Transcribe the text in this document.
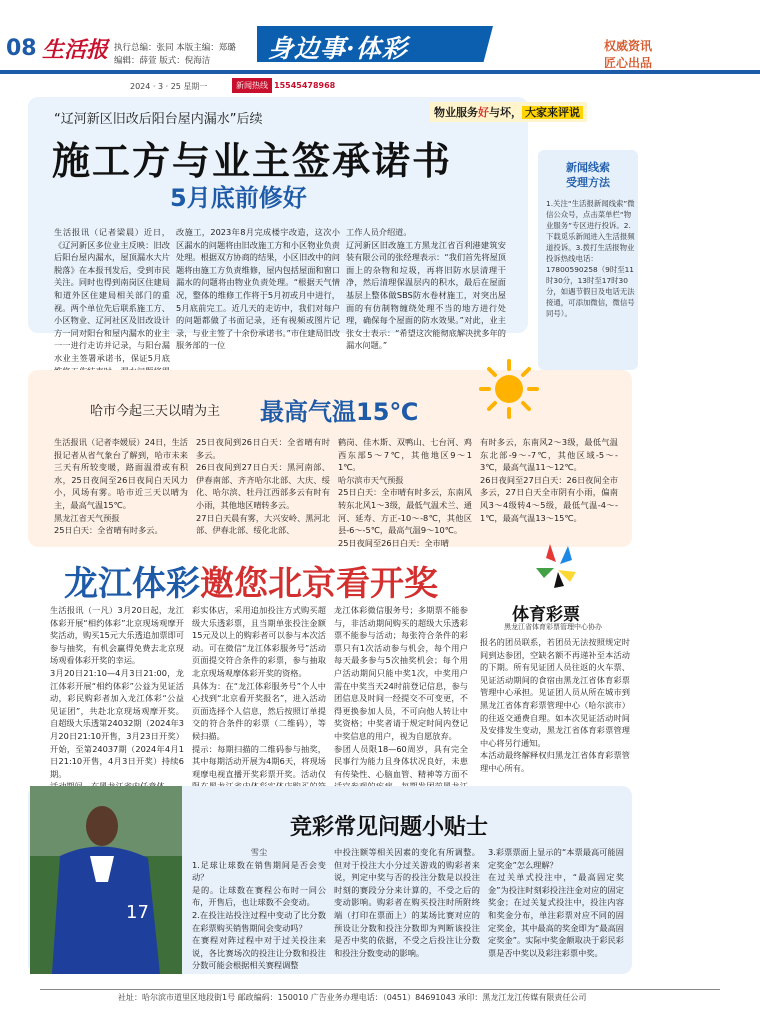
08 生活报 执行总编：张同 本版主编：郑璐
编辑：薛萱 版式：倪海洁	身边事·体彩	权威资讯
匠心出品
2024 · 3 · 25 星期一	新闻热线 15545478968
“辽河新区旧改后阳台屋内漏水”后续	物业服务好与坏， 大家来评说
施工方与业主签承诺书
5月底前修好
生活报讯（记者梁晨）近日，《辽河新区多位业主反映：旧改后阳台屋内漏水，屋顶漏水大片脱落》在本报刊发后，受到市民关注。同时也得到南岗区住建局和道外区住建局相关部门的重视。两个单位先后联系施工方、小区物业、辽河社区及旧改设计方一同对阳台和屋内漏水的业主一一进行走访并记录，与阳台漏水业主签署承诺书，保证5月底
改施工，2023年8月完成楼宇改造，这次小区漏水的问题将由旧改施工方和小区物业负责处理。根据双方协商的结果，小区旧改中的问题将由施工方负责维修，屋内包括屋面和窗口漏水的问题将由物业负责处理。“根据天气情况，整体的维修工作将于5月初或月中进行，5月底前完工。近几天的走访中，我们对每户的问题都做了书面记录，还有视频或图片记录，与业主签了十余份承诺书。”市住建局旧改服务部的一位
工作人员介绍道。
辽河新区旧改施工方黑龙江省百利港建筑安装有限公司的张经理表示：“我们首先将屋顶面上的杂物和垃圾，再将旧防水层清理干净，然后清理保温层内的积水，最后在屋面基层上整体做SBS防水卷材施工，对突出屋面的有仿制物缠绕处理不当的地方进行处理，确保每个屋面的防水效果。”对此，业主张女士表示：“希望这次能彻底解决扰多年的漏水问题。”
新闻线索
受理方法
1.关注“生活报新闻线索”微信公众号，点击菜单栏“物业服务”专区进行投诉。2.下载觅乐新闻进入生活报频道投诉。3.拨打生活报物业投诉热线电话：17800590258（9时至11时30分，13时至17时30分，如遇节假日及电话无法接通，可添加微信，微信号同号）。
哈市今起三天以晴为主 最高气温15℃
生活报讯（记者李媛辰）24日，生活报记者从省气象台了解到，哈市未来三天有所较变暖，路面温滑或有积水，25日夜间至26日夜间白天风力小，风场有雾。哈市近三天以晴为主，最高气温15℃。
黑龙江省天气预报
25日白天：全省晴有时多云。
25日夜间到26日白天：全省晴有时多云。
26日夜间到27日白天：黑河南部、伊春南部、齐齐哈尔北部、大庆、绥化、哈尔滨、牡丹江西部多云有时有小雨，其他地区晴转多云。
27日白天晨有雾，大兴安岭、黑河北部、伊春北部、绥化北部、
鹤岗、佳木斯、双鸭山、七台河、鸡西东部5～7℃，其他地区9～11℃。
哈尔滨市天气预报
25日白天：全市晴有时多云，东南风转东北风1～3级，最低气温术兰、通河、延寿、方正-10～-8℃，其他区县-6～-5℃，最高气温9～10℃。
25日夜间至26日白天：全市晴
有时多云，东南风2～3级，最低气温东北部-9～-7℃，其他区域-5～-3℃，最高气温11～12℃。
26日夜间至27日白天：26日夜间全市多云，27日白天全市阴有小雨，偏南风3～4级转4～5级，最低气温-4～-1℃，最高气温13～15℃。
龙江体彩邀您北京看开奖
体育彩票
黑龙江省体育彩票管理中心协办
生活报讯（一凡）3月20日起，龙江体彩开展“相约体彩”北京现场观摩开奖活动，购买15元大乐透追加票即可参与抽奖，有机会赢得免费去北京现场观看体彩开奖的幸运。
3月20日21:10—4月3日21:00，龙江体彩开展“相约体彩”公益为见证活动，彩民购彩者加入龙江体彩“公益见证团”，共赴北京现场观摩开奖。自超级大乐透第24032期（2024年3月20日21:10开售，3月23日开奖）开始，至第24037期（2024年4月1日21:10开售，4月3日开奖）持续6期。
彩实体店，采用追加投注方式购买超级大乐透彩票，且当期单张投注金额15元及以上的购彩者可以参与本次活动。可在微信“龙江体彩服务号”活动页面提交符合条件的彩票，参与抽取北京现场观摩体彩开奖的资格。
具体为：在“龙江体彩服务号”个人中心找到“北京看开奖报名”，进入活动页面选择个人信息，然后按照订单提交的符合条件的彩票（二维码），等候扫描。
提示：每期扫描的二维码参与抽奖，其中每期活动开展为4期6天，将现场观摩电视直播开奖彩票开奖。活动仅
龙江体彩微信服务号；多期票不能参与，非活动期间购买的超级大乐透彩票不能参与活动；每张符合条件的彩票只有1次活动参与机会，每个用户每天最多参与5次抽奖机会；每个用户活动期间只能中奖1次，中奖用户需在中奖当天24时前登记信息，参与团信息及时间一经提交不可变更，不得更换参加人员，不可向他人转让中奖资格；中奖者请于规定时间内登记中奖信息的用户，视为自愿放弃。
参团人员限18—60周岁，具有完全民事行为能力且身体状况良好，未患有传染性、心脑血管、精神等方面不
报名的团员联系，若团员无法按照规定时间到达参团，空缺名额不再递补至本活动的下期。所有见证团人员往返的火车票、见证活动期间的食宿由黑龙江省体育彩票管理中心承担。见证团人员从所在城市到黑龙江省体育彩票管理中心（哈尔滨市）的往返交通费自理。如本次见证活动时间及安排发生变动，黑龙江省体育彩票管理中心将另行通知。
本活动最终解释权归黑龙江省体育彩票管理中心所有。
17
竞彩常见问题小贴士
雪尘
1.足球让球数在销售期间是否会变动？
是的。让球数在赛程公布时一同公布，开售后，也让球数不会变动。
2.在投注站投注过程中变动了比分数在彩票购买销售期间会变动吗？
在赛程对阵过程中对于过关投注来说，各比赛场次的投注让分数和投注分数可能会根据相关赛程调整
中投注额等相关因素的变化有所调整。但对于投注大小分过关游戏的购彩者来说，判定中奖与否的投注分数是以投注时刻的赛段分分来计算的，不受之后的变动影响。购彩者在购买投注时所附终端（打印在票面上）的某场比赛对应的预设让分数和投注分数即为判断该投注是否中奖的依据，不受之后投注让分数和投注分数变动的影响。
3.彩票票面上显示的“本票最高可能固定奖金”怎么理解？
在过关单式投注中，“最高固定奖金”为投注时刻彩投注注金对应的固定奖金；在过关复式投注中，投注内容和奖金分布，单注彩票对应不同的固定奖金，其中最高的奖金即为“最高固定奖金”。实际中奖金额取决于彩民彩票是否中奖以及彩注彩票中奖。
社址：哈尔滨市道里区地段街1号 邮政编码：150010 广告业务办理电话：（0451）84691043 承印：黑龙江龙江传媒有限责任公司
